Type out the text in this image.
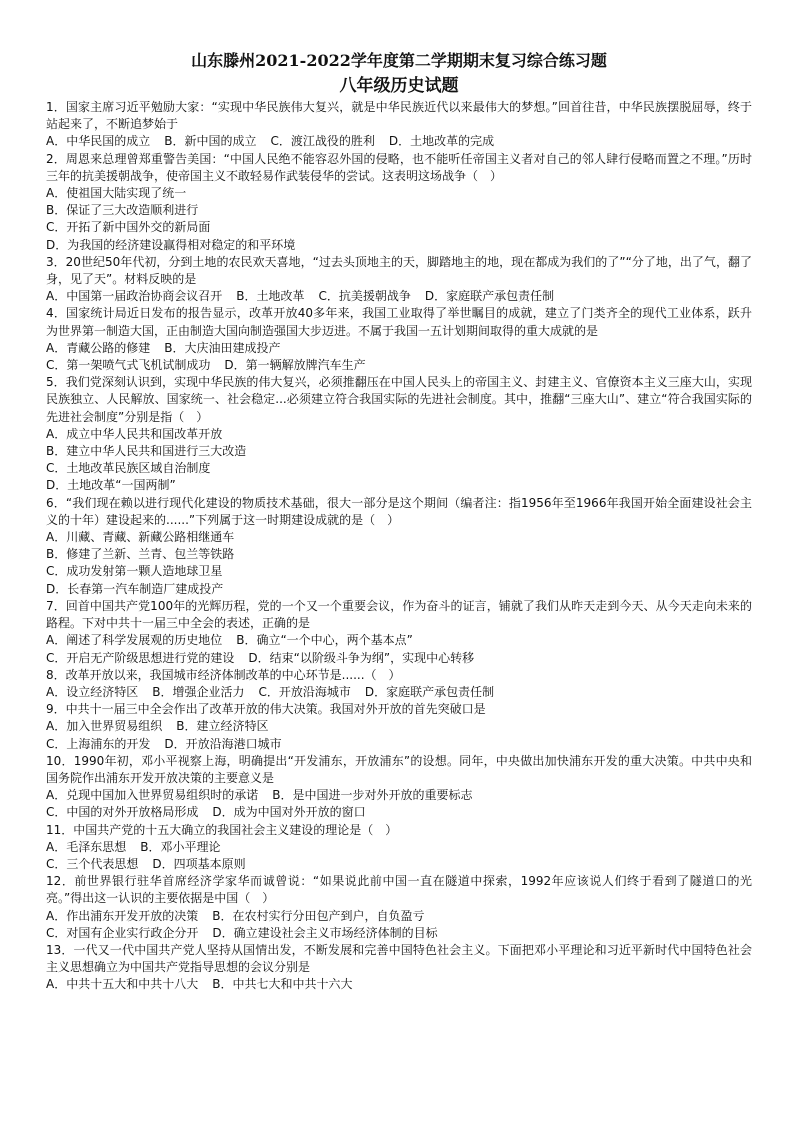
山东滕州2021-2022学年度第二学期期末复习综合练习题
八年级历史试题

1．国家主席习近平勉励大家：“实现中华民族伟大复兴，就是中华民族近代以来最伟大的梦想。”回首往昔，中华民族摆脱屈辱，终于站起来了，不断追梦始于

A．中华民国的成立 B．新中国的成立 C．渡江战役的胜利 D．土地改革的完成

2．周恩来总理曾郑重警告美国：“中国人民绝不能容忍外国的侵略，也不能听任帝国主义者对自己的邻人肆行侵略而置之不理。”历时三年的抗美援朝战争，使帝国主义不敢轻易作武装侵华的尝试。这表明这场战争（　）

A．使祖国大陆实现了统一

B．保证了三大改造顺利进行

C．开拓了新中国外交的新局面

D．为我国的经济建设赢得相对稳定的和平环境

3．20世纪50年代初，分到土地的农民欢天喜地，“过去头顶地主的天，脚踏地主的地，现在都成为我们的了”“分了地，出了气，翻了身，见了天”。材料反映的是

A．中国第一届政治协商会议召开 B．土地改革 C．抗美援朝战争 D．家庭联产承包责任制

4．国家统计局近日发布的报告显示，改革开放40多年来，我国工业取得了举世瞩目的成就，建立了门类齐全的现代工业体系，跃升为世界第一制造大国，正由制造大国向制造强国大步迈进。不属于我国一五计划期间取得的重大成就的是

A．青藏公路的修建 B．大庆油田建成投产

C．第一架喷气式飞机试制成功 D．第一辆解放牌汽车生产

5．我们党深刻认识到，实现中华民族的伟大复兴，必须推翻压在中国人民头上的帝国主义、封建主义、官僚资本主义三座大山，实现民族独立、人民解放、国家统一、社会稳定...必须建立符合我国实际的先进社会制度。其中，推翻“三座大山”、建立“符合我国实际的先进社会制度”分别是指（　）

A．成立中华人民共和国改革开放

B．建立中华人民共和国进行三大改造

C．土地改革民族区域自治制度

D．土地改革“一国两制”

6．“我们现在赖以进行现代化建设的物质技术基础，很大一部分是这个期间（编者注：指1956年至1966年我国开始全面建设社会主义的十年）建设起来的......”下列属于这一时期建设成就的是（　）

A．川藏、青藏、新藏公路相继通车

B．修建了兰新、兰青、包兰等铁路

C．成功发射第一颗人造地球卫星

D．长春第一汽车制造厂建成投产

7．回首中国共产党100年的光辉历程，党的一个又一个重要会议，作为奋斗的证言，铺就了我们从昨天走到今天、从今天走向未来的路程。下对中共十一届三中全会的表述，正确的是

A．阐述了科学发展观的历史地位 B．确立“一个中心，两个基本点”

C．开启无产阶级思想进行党的建设 D．结束“以阶级斗争为纲”，实现中心转移

8．改革开放以来，我国城市经济体制改革的中心环节是......（　）

A．设立经济特区 B．增强企业活力 C．开放沿海城市 D．家庭联产承包责任制

9．中共十一届三中全会作出了改革开放的伟大决策。我国对外开放的首先突破口是

A．加入世界贸易组织 B．建立经济特区

C．上海浦东的开发 D．开放沿海港口城市

10．1990年初，邓小平视察上海，明确提出“开发浦东，开放浦东”的设想。同年，中央做出加快浦东开发的重大决策。中共中央和国务院作出浦东开发开放决策的主要意义是

A．兑现中国加入世界贸易组织时的承诺 B．是中国进一步对外开放的重要标志

C．中国的对外开放格局形成 D．成为中国对外开放的窗口

11．中国共产党的十五大确立的我国社会主义建设的理论是（　）

A．毛泽东思想 B．邓小平理论

C．三个代表思想 D．四项基本原则

12．前世界银行驻华首席经济学家华而诚曾说：“如果说此前中国一直在隧道中探索，1992年应该说人们终于看到了隧道口的光亮。”得出这一认识的主要依据是中国（　）

A．作出浦东开发开放的决策 B．在农村实行分田包产到户，自负盈亏

C．对国有企业实行政企分开 D．确立建设社会主义市场经济体制的目标

13．一代又一代中国共产党人坚持从国情出发，不断发展和完善中国特色社会主义。下面把邓小平理论和习近平新时代中国特色社会主义思想确立为中国共产党指导思想的会议分别是

A．中共十五大和中共十八大 B．中共七大和中共十六大
